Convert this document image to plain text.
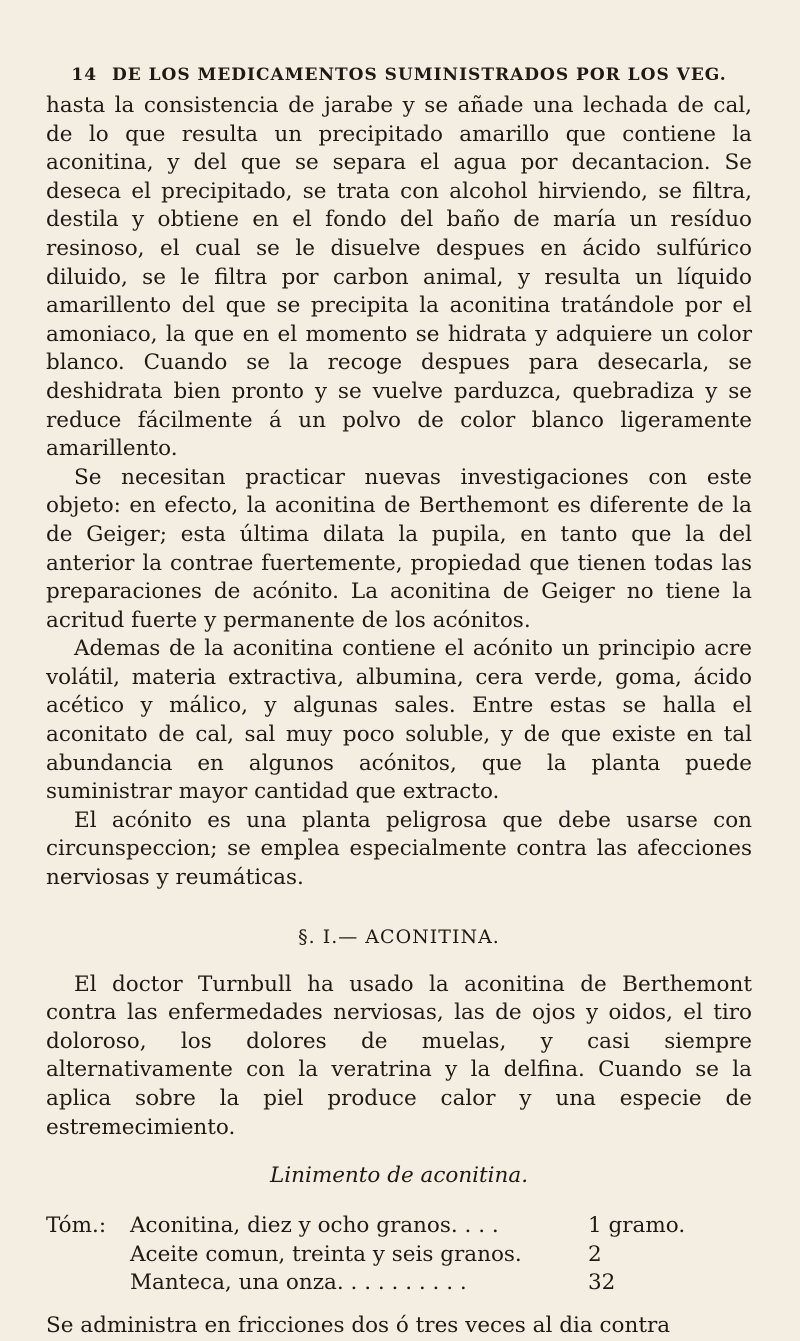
14 DE LOS MEDICAMENTOS SUMINISTRADOS POR LOS VEG.

hasta la consistencia de jarabe y se añade una lechada de cal, de lo que resulta un precipitado amarillo que contiene la aconitina, y del que se separa el agua por decantacion. Se deseca el precipitado, se trata con alcohol hirviendo, se filtra, destila y obtiene en el fondo del baño de maría un resíduo resinoso, el cual se le disuelve despues en ácido sulfúrico diluido, se le filtra por carbon animal, y resulta un líquido amarillento del que se precipita la aconitina tratándole por el amoniaco, la que en el momento se hidrata y adquiere un color blanco. Cuando se la recoge despues para desecarla, se deshidrata bien pronto y se vuelve parduzca, quebradiza y se reduce fácilmente á un polvo de color blanco ligeramente amarillento.

Se necesitan practicar nuevas investigaciones con este objeto: en efecto, la aconitina de Berthemont es diferente de la de Geiger; esta última dilata la pupila, en tanto que la del anterior la contrae fuertemente, propiedad que tienen todas las preparaciones de acónito. La aconitina de Geiger no tiene la acritud fuerte y permanente de los acónitos.

Ademas de la aconitina contiene el acónito un principio acre volátil, materia extractiva, albumina, cera verde, goma, ácido acético y málico, y algunas sales. Entre estas se halla el aconitato de cal, sal muy poco soluble, y de que existe en tal abundancia en algunos acónitos, que la planta puede suministrar mayor cantidad que extracto.

El acónito es una planta peligrosa que debe usarse con circunspeccion; se emplea especialmente contra las afecciones nerviosas y reumáticas.

§. I.— ACONITINA.

El doctor Turnbull ha usado la aconitina de Berthemont contra las enfermedades nerviosas, las de ojos y oidos, el tiro doloroso, los dolores de muelas, y casi siempre alternativamente con la veratrina y la delfina. Cuando se la aplica sobre la piel produce calor y una especie de estremecimiento.

Linimento de aconitina.
Tóm.:	Aconitina, diez y ocho granos. . . .	1 gramo.
Aceite comun, treinta y seis granos.	2
Manteca, una onza. . . . . . . . . .	32
Se administra en fricciones dos ó tres veces al dia contra
